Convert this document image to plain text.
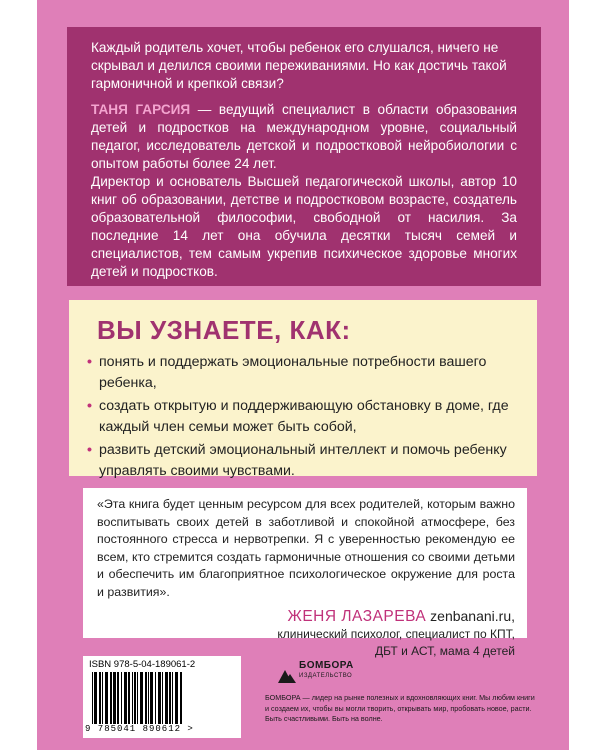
Каждый родитель хочет, чтобы ребенок его слушался, ничего не скрывал и делился своими переживаниями. Но как достичь такой гармоничной и крепкой связи?

ТАНЯ ГАРСИЯ — ведущий специалист в области образования детей и подростков на международном уровне, социальный педагог, исследователь детской и подростковой нейробиологии с опытом работы более 24 лет.

Директор и основатель Высшей педагогической школы, автор 10 книг об образовании, детстве и подростковом возрасте, создатель образовательной философии, свободной от насилия. За последние 14 лет она обучила десятки тысяч семей и специалистов, тем самым укрепив психическое здоровье многих детей и подростков.

ВЫ УЗНАЕТЕ, КАК:
• понять и поддержать эмоциональные потребности вашего ребенка,
• создать открытую и поддерживающую обстановку в доме, где каждый член семьи может быть собой,
• развить детский эмоциональный интеллект и помочь ребенку управлять своими чувствами.

«Эта книга будет ценным ресурсом для всех родителей, которым важно воспитывать своих детей в заботливой и спокойной атмосфере, без постоянного стресса и нервотрепки. Я с уверенностью рекомендую ее всем, кто стремится создать гармоничные отношения со своими детьми и обеспечить им благоприятное психологическое окружение для роста и развития».

ЖЕНЯ ЛАЗАРЕВА zenbanani.ru,
клинический психолог, специалист по КПТ,
ДБТ и АСТ, мама 4 детей
ISBN 978-5-04-189061-2
9 785041 890612 >
БОМБОРА
ИЗДАТЕЛЬСТВО
БОМБОРА — лидер на рынке полезных и вдохновляющих книг. Мы любим книги и создаем их, чтобы вы могли творить, открывать мир, пробовать новое, расти. Быть счастливыми. Быть на волне.
